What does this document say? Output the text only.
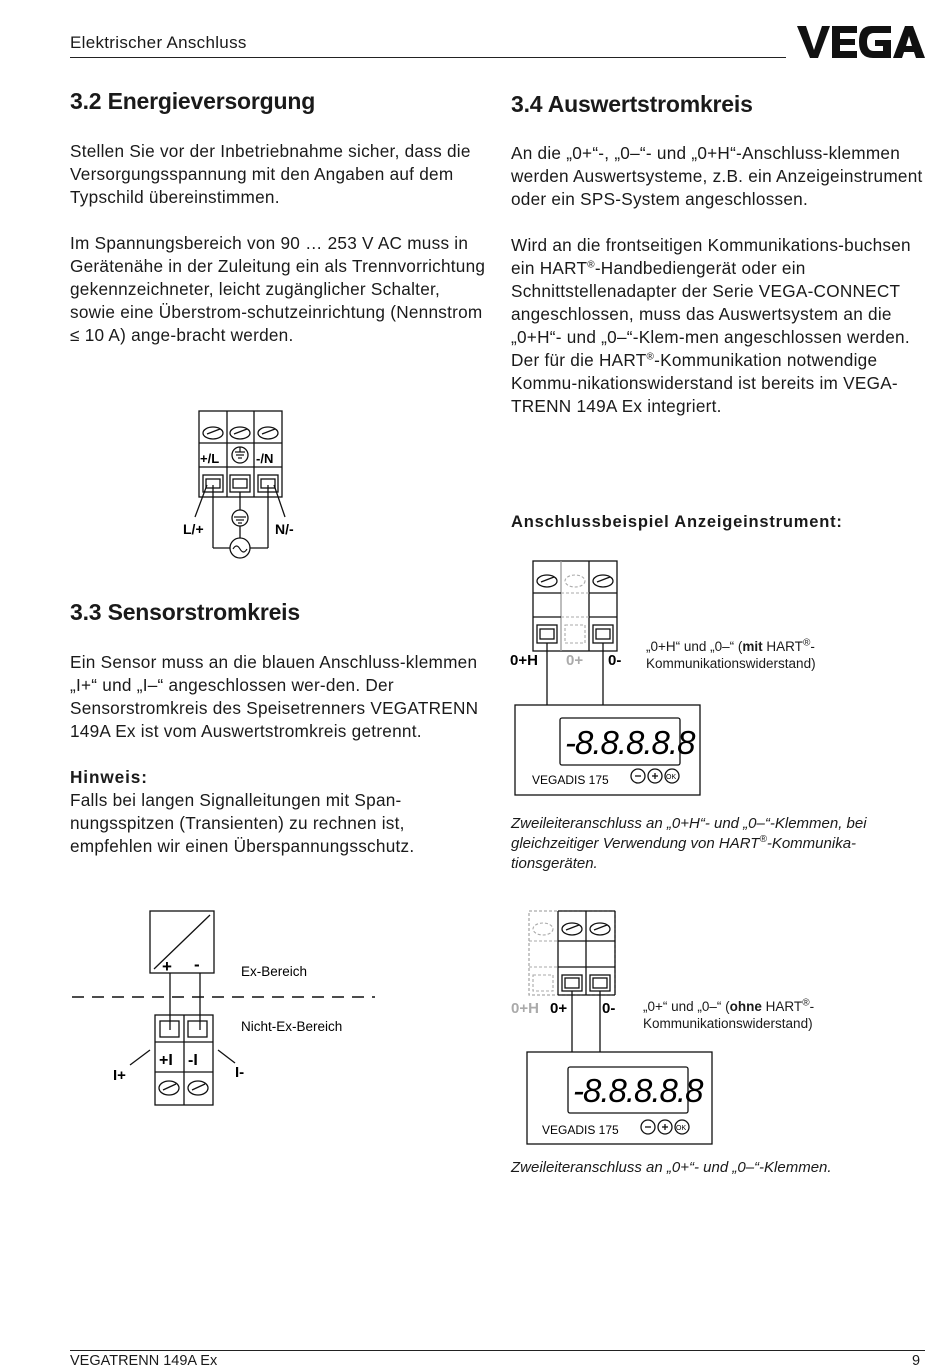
Elektrischer Anschluss
3.2 Energieversorgung

Stellen Sie vor der Inbetriebnahme sicher, dass die Versorgungsspannung mit den Angaben auf dem Typschild übereinstimmen.

Im Spannungsbereich von 90 … 253 V AC muss in Gerätenähe in der Zuleitung ein als Trennvorrichtung gekennzeichneter, leicht zugänglicher Schalter, sowie eine Überstrom-schutzeinrichtung (Nennstrom ≤ 10 A) ange-bracht werden.

+/L	-/N
L/+	N/-
3.3 Sensorstromkreis

Ein Sensor muss an die blauen Anschluss-klemmen „I+“ und „I–“ angeschlossen wer-den. Der Sensorstromkreis des Speisetrenners VEGATRENN 149A Ex ist vom Auswertstromkreis getrennt.

Hinweis:

Falls bei langen Signalleitungen mit Span-nungsspitzen (Transienten) zu rechnen ist, empfehlen wir einen Überspannungsschutz.

+ -	Ex-Bereich
Nicht-Ex-Bereich
+I -I
I+	I-
3.4 Auswertstromkreis

An die „0+“-, „0–“- und „0+H“-Anschluss-klemmen werden Auswertsysteme, z.B. ein Anzeigeinstrument oder ein SPS-System angeschlossen.

Wird an die frontseitigen Kommunikations-buchsen ein HART®-Handbediengerät oder ein Schnittstellenadapter der Serie VEGA-CONNECT angeschlossen, muss das Auswertsystem an die „0+H“- und „0–“-Klem-men angeschlossen werden. Der für die HART®-Kommunikation notwendige Kommu-nikationswiderstand ist bereits im VEGA-TRENN 149A Ex integriert.

Anschlussbeispiel Anzeigeinstrument:
0+H 0+ 0-
-8.8.8.8.8
VEGADIS 175	OK
„0+H“ und „0–“ (mit HART®-
Kommunikationswiderstand)
Zweileiteranschluss an „0+H“- und „0–“-Klemmen, bei gleichzeitiger Verwendung von HART®-Kommunika-tionsgeräten.
0+H 0+ 0-
-8.8.8.8.8
VEGADIS 175	OK
„0+“ und „0–“ (ohne HART®-
Kommunikationswiderstand)
Zweileiteranschluss an „0+“- und „0–“-Klemmen.
VEGATRENN 149A Ex	9
